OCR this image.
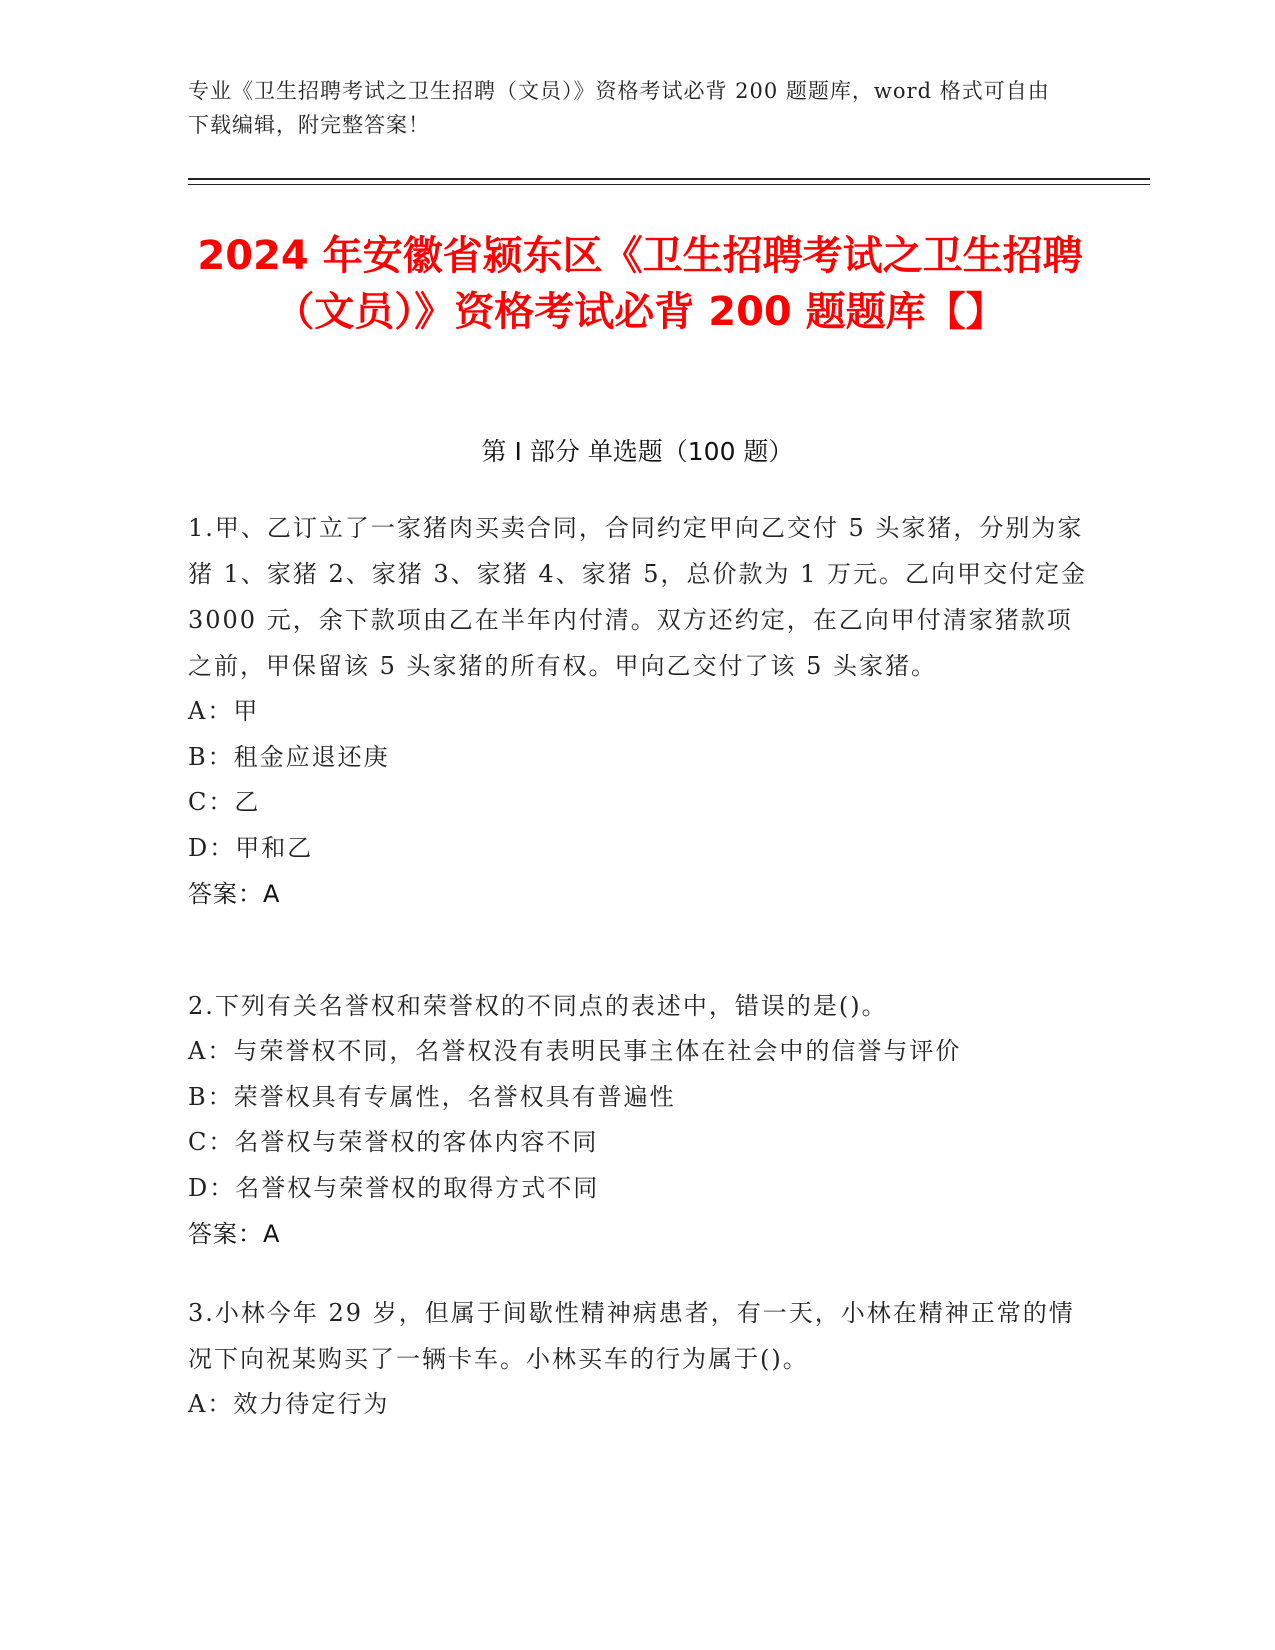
专业《卫生招聘考试之卫生招聘（文员）》资格考试必背 200 题题库，word 格式可自由下载编辑，附完整答案！
2024 年安徽省颍东区《卫生招聘考试之卫生招聘（文员）》资格考试必背 200 题题库【】
第 I 部分 单选题（100 题）

1.甲、乙订立了一家猪肉买卖合同，合同约定甲向乙交付 5 头家猪，分别为家猪 1、家猪 2、家猪 3、家猪 4、家猪 5，总价款为 1 万元。乙向甲交付定金 3000 元，余下款项由乙在半年内付清。双方还约定，在乙向甲付清家猪款项之前，甲保留该 5 头家猪的所有权。甲向乙交付了该 5 头家猪。

A：甲

B：租金应退还庚

C：乙

D：甲和乙

答案：A

2.下列有关名誉权和荣誉权的不同点的表述中，错误的是()。

A：与荣誉权不同，名誉权没有表明民事主体在社会中的信誉与评价

B：荣誉权具有专属性，名誉权具有普遍性

C：名誉权与荣誉权的客体内容不同

D：名誉权与荣誉权的取得方式不同

答案：A

3.小林今年 29 岁，但属于间歇性精神病患者，有一天，小林在精神正常的情况下向祝某购买了一辆卡车。小林买车的行为属于()。

A：效力待定行为
